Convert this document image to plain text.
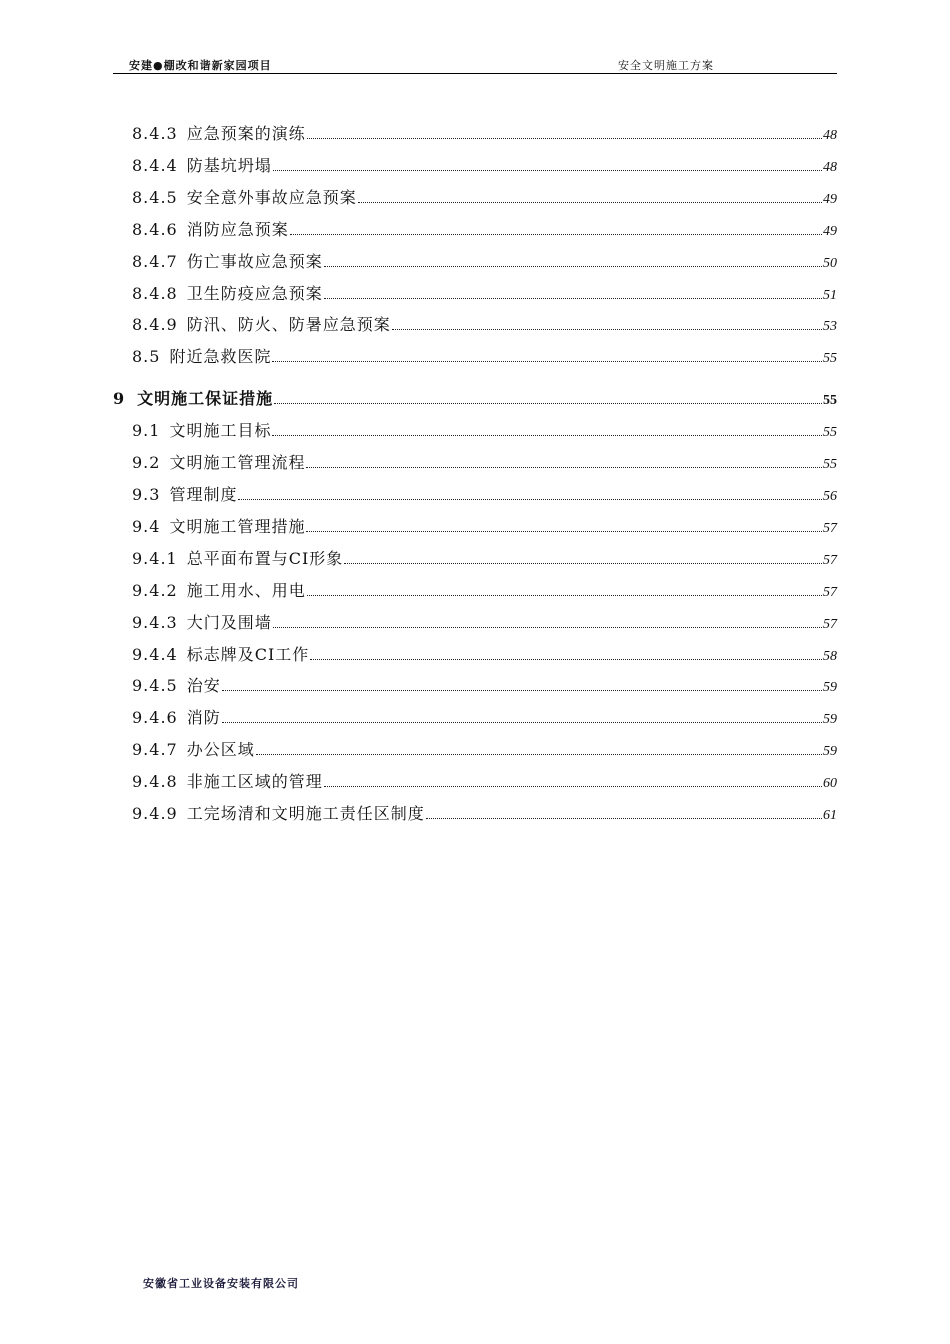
安建●棚改和谐新家园项目	安全文明施工方案
8.4.3 应急预案的演练	48
8.4.4 防基坑坍塌	48
8.4.5 安全意外事故应急预案	49
8.4.6 消防应急预案	49
8.4.7 伤亡事故应急预案	50
8.4.8 卫生防疫应急预案	51
8.4.9 防汛、防火、防暑应急预案	53
8.5 附近急救医院	55
9 文明施工保证措施	55
9.1 文明施工目标	55
9.2 文明施工管理流程	55
9.3 管理制度	56
9.4 文明施工管理措施	57
9.4.1 总平面布置与CI形象	57
9.4.2 施工用水、用电	57
9.4.3 大门及围墙	57
9.4.4 标志牌及CI工作	58
9.4.5 治安	59
9.4.6 消防	59
9.4.7 办公区域	59
9.4.8 非施工区域的管理	60
9.4.9 工完场清和文明施工责任区制度	61
安徽省工业设备安装有限公司
